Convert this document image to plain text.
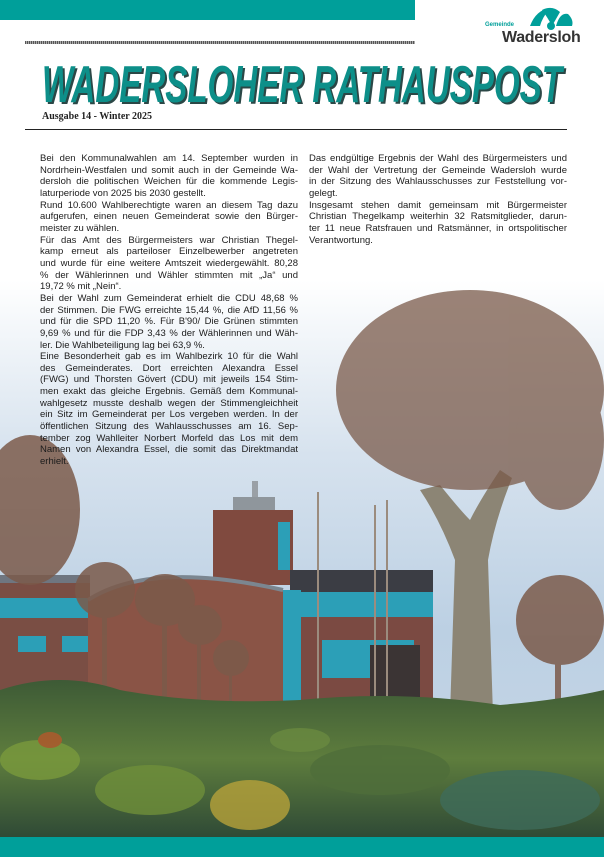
Gemeinde
Wadersloh
WADERSLOHER RATHAUSPOST
WADERSLOHER RATHAUSPOST
Ausgabe 14 - Winter 2025
Bei den Kommunalwahlen am 14. September wurden in
Nordrhein-Westfalen und somit auch in der Gemeinde Wa-
dersloh die politischen Weichen für die kommende Legis-
laturperiode von 2025 bis 2030 gestellt.
Rund 10.600 Wahlberechtigte waren an diesem Tag dazu
aufgerufen, einen neuen Gemeinderat sowie den Bürger-
meister zu wählen.
Für das Amt des Bürgermeisters war Christian Thegel-
kamp erneut als parteiloser Einzelbewerber angetreten
und wurde für eine weitere Amtszeit wiedergewählt. 80,28
% der Wählerinnen und Wähler stimmten mit „Ja“ und
19,72 % mit „Nein“.
Bei der Wahl zum Gemeinderat erhielt die CDU 48,68 %
der Stimmen. Die FWG erreichte 15,44 %, die AfD 11,56 %
und für die SPD 11,20 %. Für B'90/ Die Grünen stimmten
9,69 % und für die FDP 3,43 % der Wählerinnen und Wäh-
ler. Die Wahlbeteiligung lag bei 63,9 %.
Eine Besonderheit gab es im Wahlbezirk 10 für die Wahl
des Gemeinderates. Dort erreichten Alexandra Essel
(FWG) und Thorsten Gövert (CDU) mit jeweils 154 Stim-
men exakt das gleiche Ergebnis. Gemäß dem Kommunal-
wahlgesetz musste deshalb wegen der Stimmengleichheit
ein Sitz im Gemeinderat per Los vergeben werden. In der
öffentlichen Sitzung des Wahlausschusses am 16. Sep-
tember zog Wahlleiter Norbert Morfeld das Los mit dem
Namen von Alexandra Essel, die somit das Direktmandat
erhielt.
Das endgültige Ergebnis der Wahl des Bürgermeisters und
der Wahl der Vertretung der Gemeinde Wadersloh wurde
in der Sitzung des Wahlausschusses zur Feststellung vor-
gelegt.
Insgesamt stehen damit gemeinsam mit Bürgermeister
Christian Thegelkamp weiterhin 32 Ratsmitglieder, darun-
ter 11 neue Ratsfrauen und Ratsmänner, in ortspolitischer
Verantwortung.
